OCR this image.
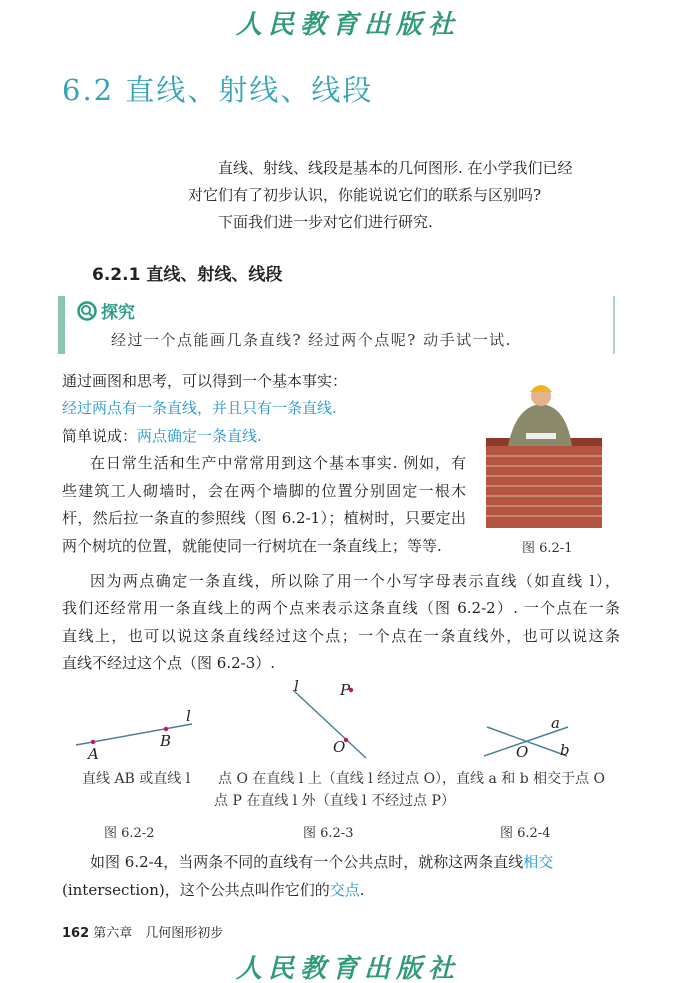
人民教育出版社
6.2 直线、射线、线段
直线、射线、线段是基本的几何图形. 在小学我们已经
对它们有了初步认识，你能说说它们的联系与区别吗?
下面我们进一步对它们进行研究.
6.2.1 直线、射线、线段
探究
经过一个点能画几条直线? 经过两个点呢? 动手试一试.
通过画图和思考，可以得到一个基本事实：
经过两点有一条直线，并且只有一条直线.
简单说成：两点确定一条直线.
在日常生活和生产中常常用到这个基本事实. 例如，有
些建筑工人砌墙时，会在两个墙脚的位置分别固定一根木
杆，然后拉一条直的参照线（图 6.2-1）；植树时，只要定出
两个树坑的位置，就能使同一行树坑在一条直线上；等等.	图 6.2-1
因为两点确定一条直线，所以除了用一个小写字母表示直线（如直线 l），
我们还经常用一条直线上的两个点来表示这条直线（图 6.2-2）. 一个点在一条
直线上，也可以说这条直线经过这个点；一个点在一条直线外，也可以说这条
直线不经过这个点（图 6.2-3）.
A
B
l
l	P
O
a
O b
直线 AB 或直线 l 点 O 在直线 l 上（直线 l 经过点 O），
点 P 在直线 l 外（直线 l 不经过点 P）
直线 a 和 b 相交于点 O
图 6.2-2	图 6.2-3	图 6.2-4
如图 6.2-4，当两条不同的直线有一个公共点时，就称这两条直线相交
(intersection)，这个公共点叫作它们的交点.
162 第六章　几何图形初步
人民教育出版社
